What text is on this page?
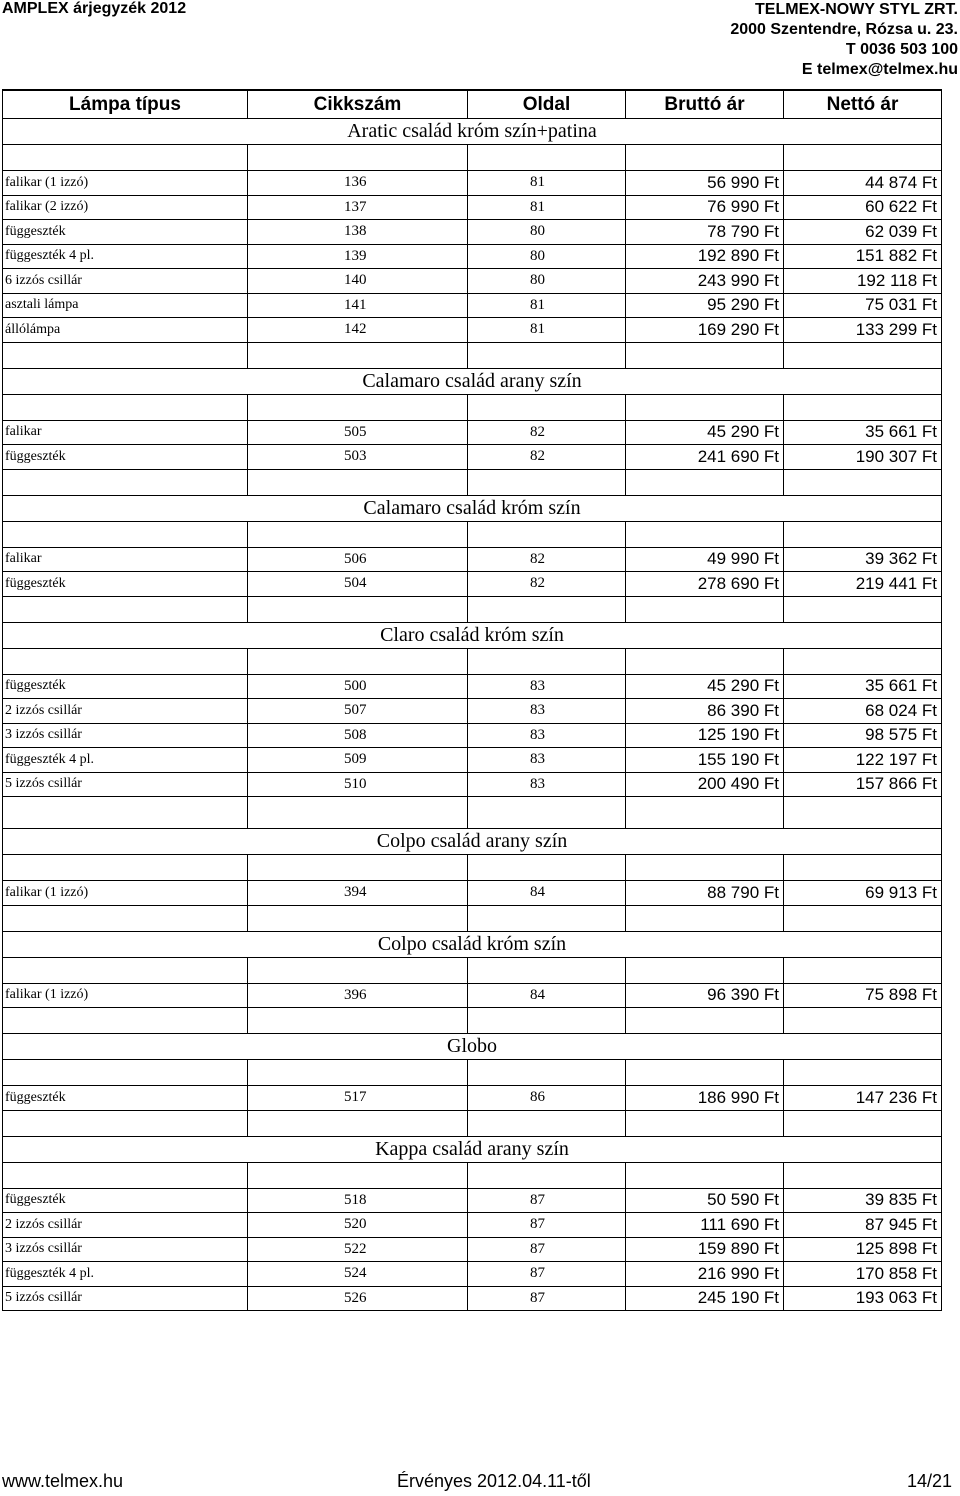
AMPLEX árjegyzék 2012	TELMEX-NOWY STYL ZRT.
2000 Szentendre, Rózsa u. 23.
T 0036 503 100
E telmex@telmex.hu
Lámpa típus	Cikkszám	Oldal	Bruttó ár	Nettó ár
Aratic család króm szín+patina
falikar (1 izzó)	136	81	56 990 Ft	44 874 Ft
falikar (2 izzó)	137	81	76 990 Ft	60 622 Ft
függeszték	138	80	78 790 Ft	62 039 Ft
függeszték 4 pl.	139	80	192 890 Ft	151 882 Ft
6 izzós csillár	140	80	243 990 Ft	192 118 Ft
asztali lámpa	141	81	95 290 Ft	75 031 Ft
állólámpa	142	81	169 290 Ft	133 299 Ft
Calamaro család arany szín
falikar	505	82	45 290 Ft	35 661 Ft
függeszték	503	82	241 690 Ft	190 307 Ft
Calamaro család króm szín
falikar	506	82	49 990 Ft	39 362 Ft
függeszték	504	82	278 690 Ft	219 441 Ft
Claro család króm szín
függeszték	500	83	45 290 Ft	35 661 Ft
2 izzós csillár	507	83	86 390 Ft	68 024 Ft
3 izzós csillár	508	83	125 190 Ft	98 575 Ft
függeszték 4 pl.	509	83	155 190 Ft	122 197 Ft
5 izzós csillár	510	83	200 490 Ft	157 866 Ft
Colpo család arany szín
falikar (1 izzó)	394	84	88 790 Ft	69 913 Ft
Colpo család króm szín
falikar (1 izzó)	396	84	96 390 Ft	75 898 Ft
Globo
függeszték	517	86	186 990 Ft	147 236 Ft
Kappa család arany szín
függeszték	518	87	50 590 Ft	39 835 Ft
2 izzós csillár	520	87	111 690 Ft	87 945 Ft
3 izzós csillár	522	87	159 890 Ft	125 898 Ft
függeszték 4 pl.	524	87	216 990 Ft	170 858 Ft
5 izzós csillár	526	87	245 190 Ft	193 063 Ft
www.telmex.hu	Érvényes 2012.04.11-től	14/21
